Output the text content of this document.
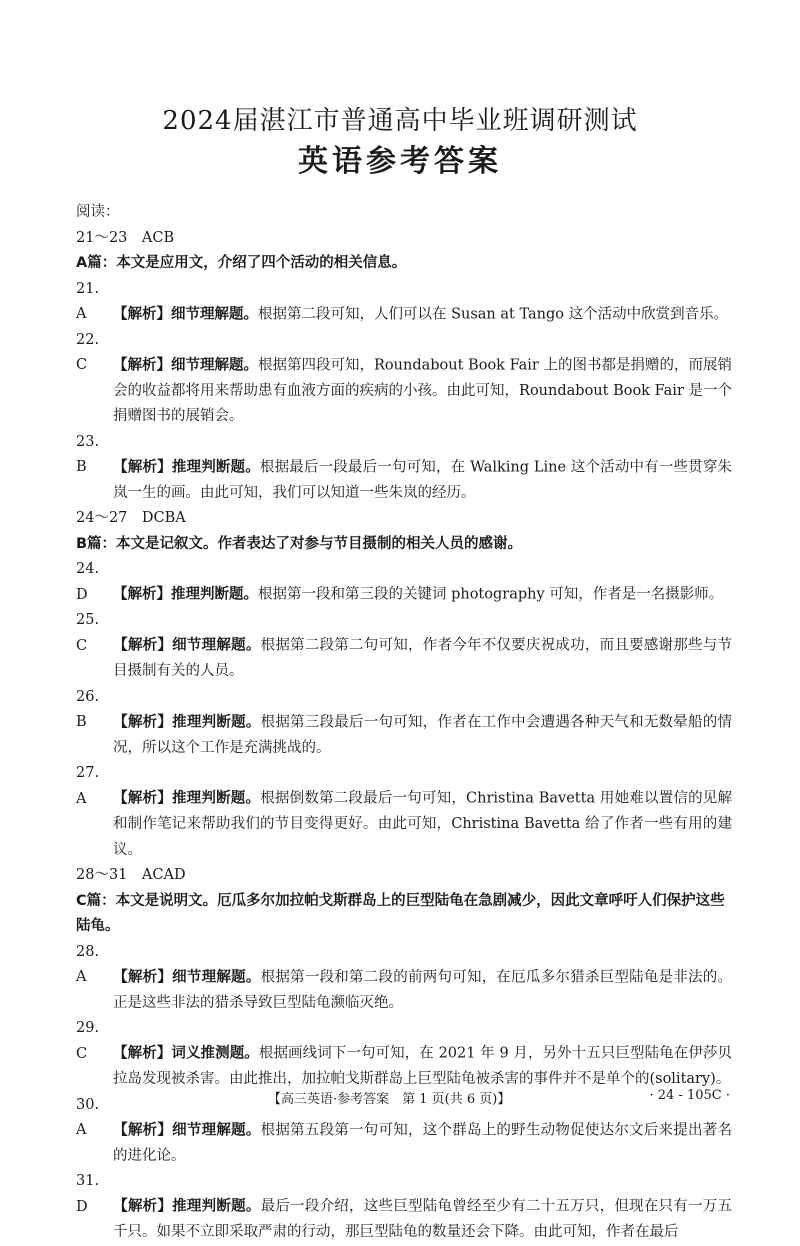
2024届湛江市普通高中毕业班调研测试
英语参考答案

阅读：

21～23　ACB

A篇：本文是应用文，介绍了四个活动的相关信息。

21. A 【解析】细节理解题。根据第二段可知，人们可以在 Susan at Tango 这个活动中欣赏到音乐。

22. C 【解析】细节理解题。根据第四段可知，Roundabout Book Fair 上的图书都是捐赠的，而展销会的收益都将用来帮助患有血液方面的疾病的小孩。由此可知，Roundabout Book Fair 是一个捐赠图书的展销会。

23. B 【解析】推理判断题。根据最后一段最后一句可知，在 Walking Line 这个活动中有一些贯穿朱岚一生的画。由此可知，我们可以知道一些朱岚的经历。

24～27　DCBA

B篇：本文是记叙文。作者表达了对参与节目摄制的相关人员的感谢。

24. D 【解析】推理判断题。根据第一段和第三段的关键词 photography 可知，作者是一名摄影师。

25. C 【解析】细节理解题。根据第二段第二句可知，作者今年不仅要庆祝成功，而且要感谢那些与节目摄制有关的人员。

26. B 【解析】推理判断题。根据第三段最后一句可知，作者在工作中会遭遇各种天气和无数晕船的情况，所以这个工作是充满挑战的。

27. A 【解析】推理判断题。根据倒数第二段最后一句可知，Christina Bavetta 用她难以置信的见解和制作笔记来帮助我们的节目变得更好。由此可知，Christina Bavetta 给了作者一些有用的建议。

28～31　ACAD

C篇：本文是说明文。厄瓜多尔加拉帕戈斯群岛上的巨型陆龟在急剧减少，因此文章呼吁人们保护这些陆龟。

28. A 【解析】细节理解题。根据第一段和第二段的前两句可知，在厄瓜多尔猎杀巨型陆龟是非法的。正是这些非法的猎杀导致巨型陆龟濒临灭绝。

29. C 【解析】词义推测题。根据画线词下一句可知，在 2021 年 9 月，另外十五只巨型陆龟在伊莎贝拉岛发现被杀害。由此推出，加拉帕戈斯群岛上巨型陆龟被杀害的事件并不是单个的(solitary)。

30. A 【解析】细节理解题。根据第五段第一句可知，这个群岛上的野生动物促使达尔文后来提出著名的进化论。

31. D 【解析】推理判断题。最后一段介绍，这些巨型陆龟曾经至少有二十五万只，但现在只有一万五千只。如果不立即采取严肃的行动，那巨型陆龟的数量还会下降。由此可知，作者在最后

【高三英语·参考答案　第 1 页(共 6 页)】	· 24 - 105C ·
